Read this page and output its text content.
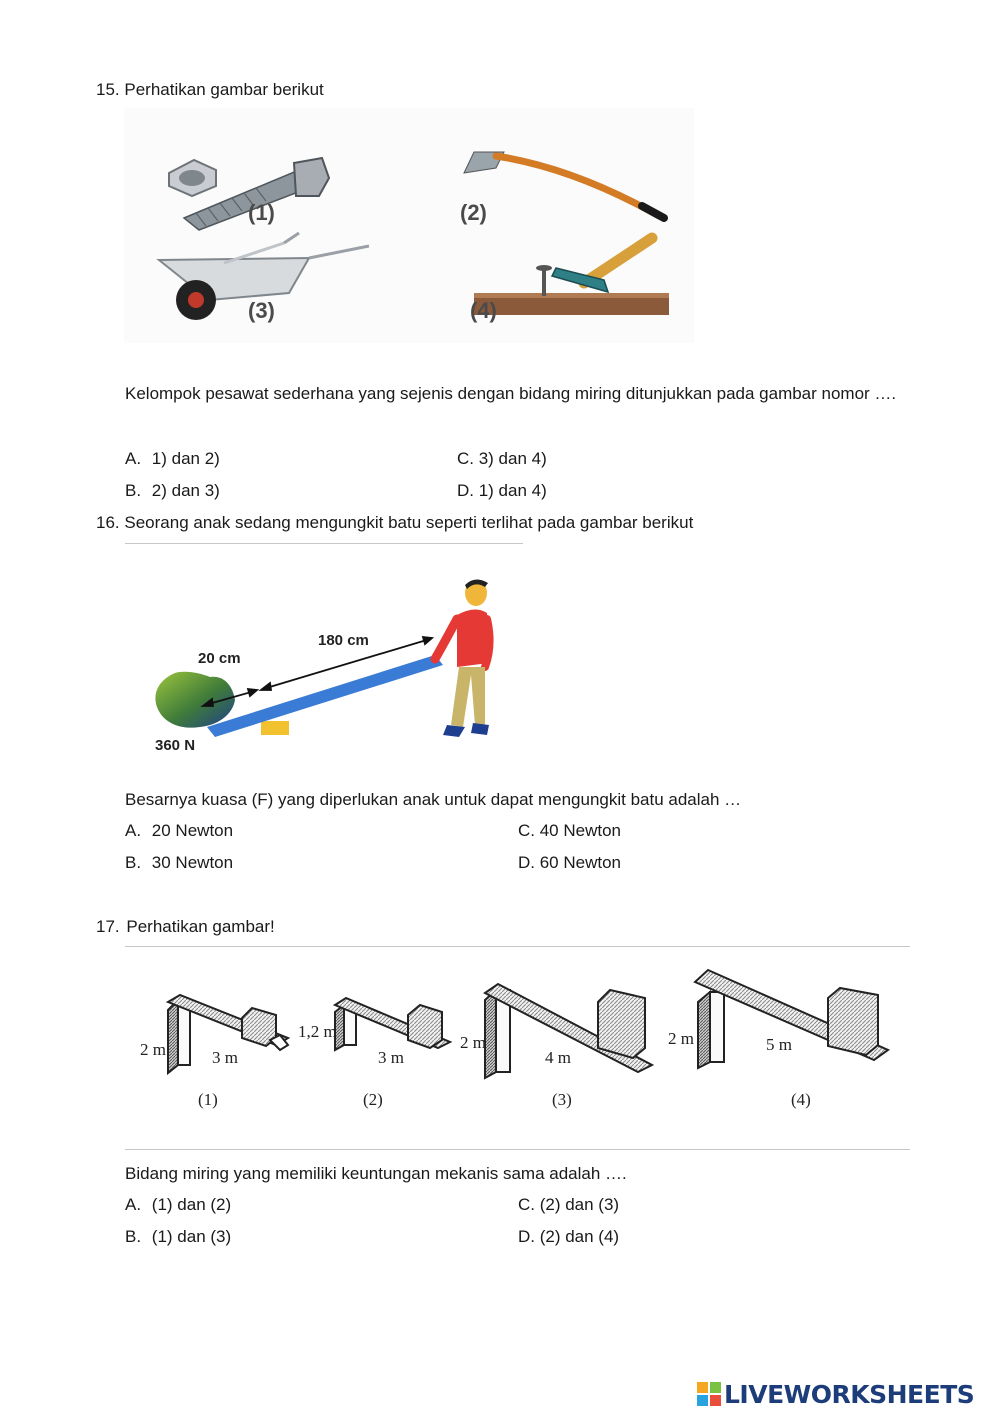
15. Perhatikan gambar berikut
(1)	(2)
(3)	(4)
Kelompok pesawat sederhana yang sejenis dengan bidang miring ditunjukkan pada gambar nomor ….
A. 1) dan 2)	C. 3) dan 4)
B. 2) dan 3)	D. 1) dan 4)
16. Seorang anak sedang mengungkit batu seperti terlihat pada gambar berikut
20 cm
180 cm
360 N
Besarnya kuasa (F) yang diperlukan anak untuk dapat mengungkit batu adalah …
A. 20 Newton	C. 40 Newton
B. 30 Newton	D. 60 Newton
17. Perhatikan gambar!
2 m	3 m
(1)
1,2 m
3 m
(2)
2 m
4 m
(3)
2 m	5 m
(4)
Bidang miring yang memiliki keuntungan mekanis sama adalah ….
A. (1) dan (2)	C. (2) dan (3)
B. (1) dan (3)	D. (2) dan (4)
LIVEWORKSHEETS
